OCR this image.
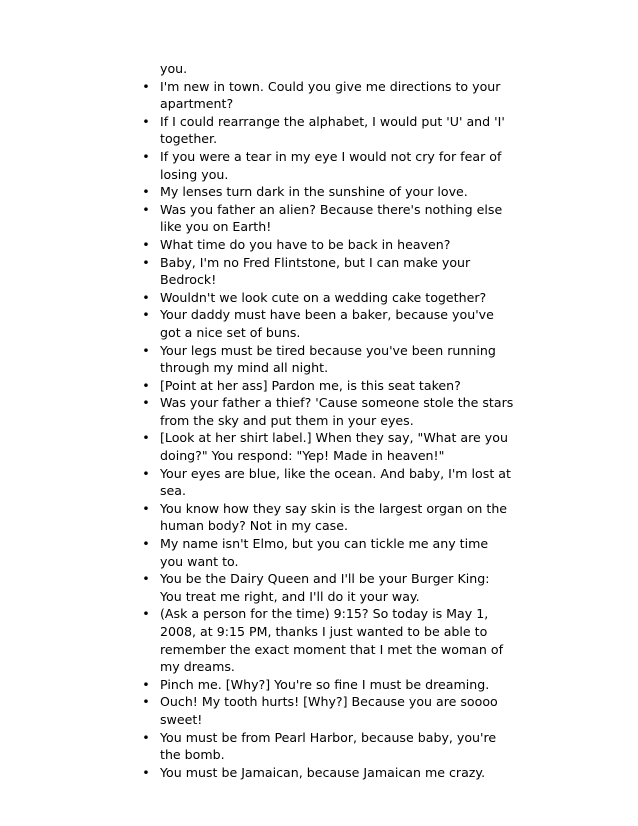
you.
• I'm new in town. Could you give me directions to your apartment?
• If I could rearrange the alphabet, I would put 'U' and 'I' together.
• If you were a tear in my eye I would not cry for fear of losing you.
• My lenses turn dark in the sunshine of your love.
• Was you father an alien? Because there's nothing else like you on Earth!
• What time do you have to be back in heaven?
• Baby, I'm no Fred Flintstone, but I can make your Bedrock!
• Wouldn't we look cute on a wedding cake together?
• Your daddy must have been a baker, because you've got a nice set of buns.
• Your legs must be tired because you've been running through my mind all night.
• [Point at her ass] Pardon me, is this seat taken?
• Was your father a thief? 'Cause someone stole the stars from the sky and put them in your eyes.
• [Look at her shirt label.] When they say, "What are you doing?" You respond: "Yep! Made in heaven!"
• Your eyes are blue, like the ocean. And baby, I'm lost at sea.
• You know how they say skin is the largest organ on the human body? Not in my case.
• My name isn't Elmo, but you can tickle me any time you want to.
• You be the Dairy Queen and I'll be your Burger King: You treat me right, and I'll do it your way.
• (Ask a person for the time) 9:15? So today is May 1, 2008, at 9:15 PM, thanks I just wanted to be able to remember the exact moment that I met the woman of my dreams.
• Pinch me. [Why?] You're so fine I must be dreaming.
• Ouch! My tooth hurts! [Why?] Because you are soooo sweet!
• You must be from Pearl Harbor, because baby, you're the bomb.
• You must be Jamaican, because Jamaican me crazy.
